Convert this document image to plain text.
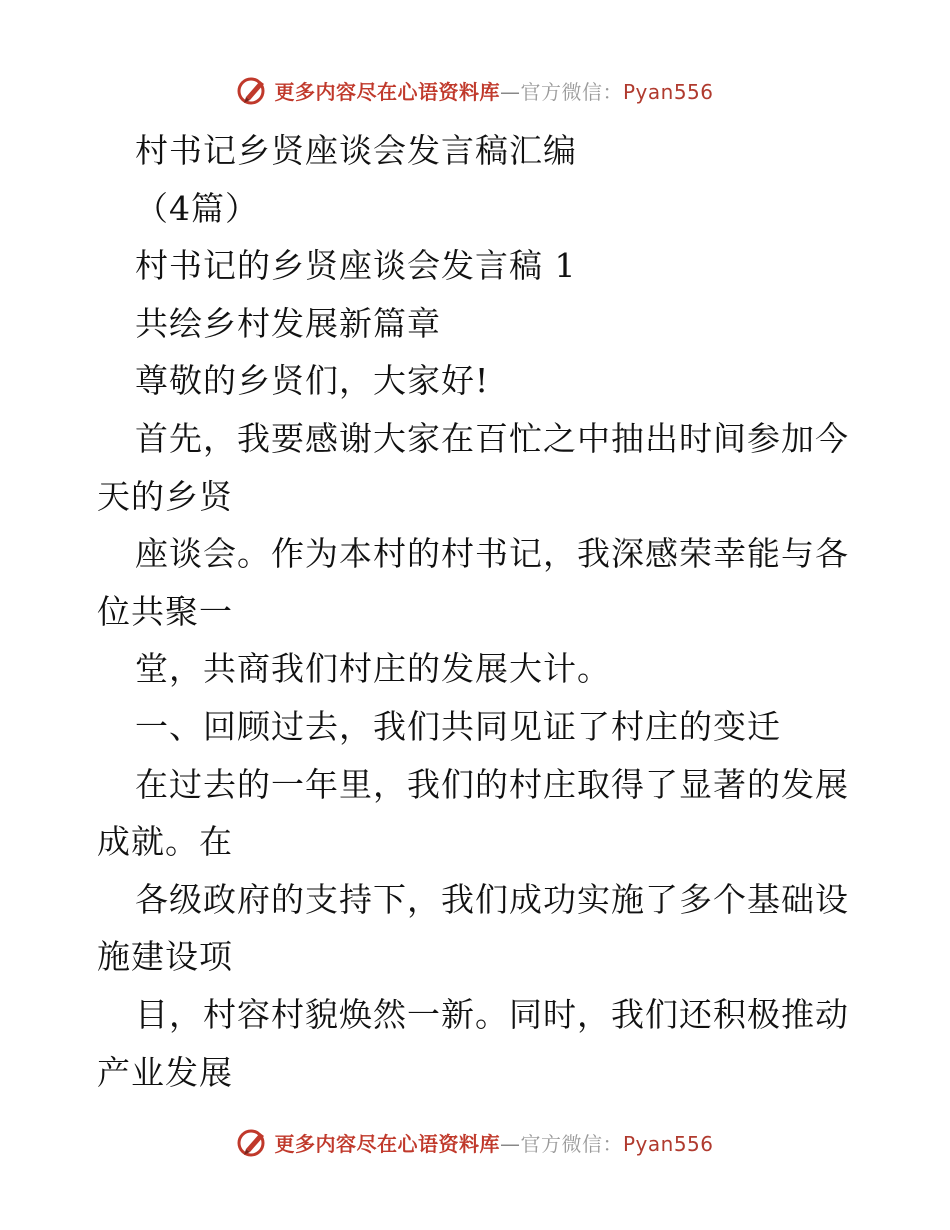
更多内容尽在心语资料库—官方微信：Pyan556
村书记乡贤座谈会发言稿汇编
（4篇）
村书记的乡贤座谈会发言稿 1
共绘乡村发展新篇章
尊敬的乡贤们，大家好!
首先，我要感谢大家在百忙之中抽出时间参加今
天的乡贤
座谈会。作为本村的村书记，我深感荣幸能与各
位共聚一
堂，共商我们村庄的发展大计。
一、回顾过去，我们共同见证了村庄的变迁
在过去的一年里，我们的村庄取得了显著的发展
成就。在
各级政府的支持下，我们成功实施了多个基础设
施建设项
目，村容村貌焕然一新。同时，我们还积极推动
产业发展
更多内容尽在心语资料库—官方微信：Pyan556
